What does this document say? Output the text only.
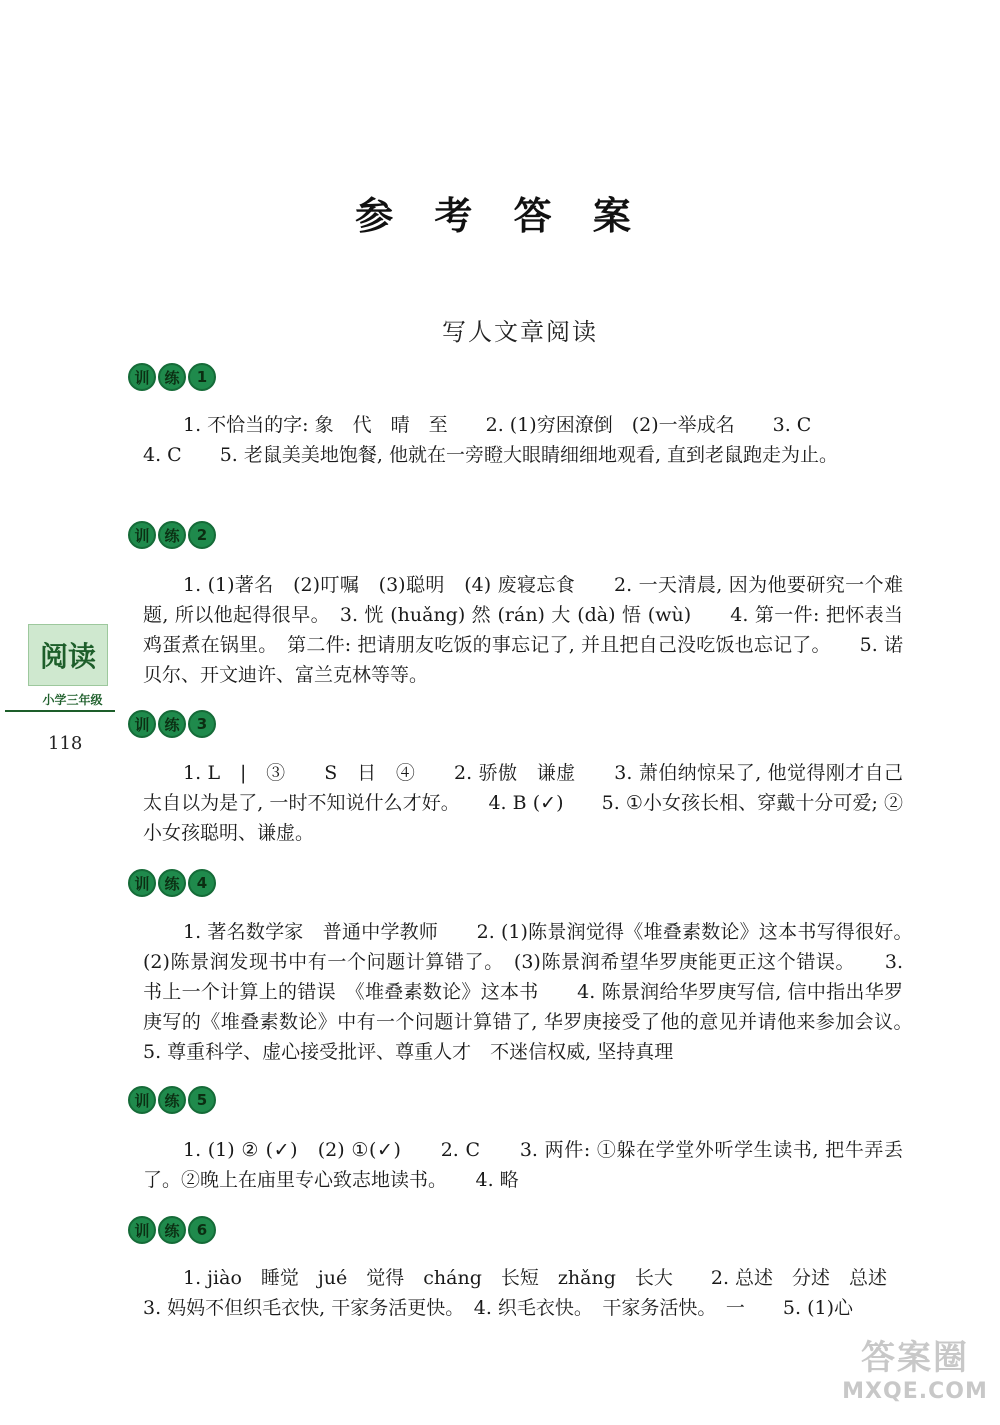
参 考 答 案
写人文章阅读
训 练	1

1. 不恰当的字: 象　代　晴　至　　2. (1)穷困潦倒　(2)一举成名　　3. C

4. C　　5. 老鼠美美地饱餐, 他就在一旁瞪大眼睛细细地观看, 直到老鼠跑走为止。

训 练	2

1. (1)著名　(2)叮嘱　(3)聪明　(4) 废寝忘食　　2. 一天清晨, 因为他要研究一个难题, 所以他起得很早。　3. 恍 (huǎng) 然 (rán) 大 (dà) 悟 (wù)　　4. 第一件: 把怀表当鸡蛋煮在锅里。　第二件: 把请朋友吃饭的事忘记了, 并且把自己没吃饭也忘记了。　　5. 诺贝尔、开文迪许、富兰克林等等。

训 练	3

1. L　|　③　　S　日　④　　2. 骄傲　谦虚　　3. 萧伯纳惊呆了, 他觉得刚才自己太自以为是了, 一时不知说什么才好。　　4. B (✓)　　5. ①小女孩长相、穿戴十分可爱; ②小女孩聪明、谦虚。

训 练	4

1. 著名数学家　普通中学教师　　2. (1)陈景润觉得《堆叠素数论》这本书写得很好。　(2)陈景润发现书中有一个问题计算错了。　(3)陈景润希望华罗庚能更正这个错误。　　3. 书上一个计算上的错误　《堆叠素数论》这本书　　4. 陈景润给华罗庚写信, 信中指出华罗庚写的《堆叠素数论》中有一个问题计算错了, 华罗庚接受了他的意见并请他来参加会议。　　5. 尊重科学、虚心接受批评、尊重人才　不迷信权威, 坚持真理

训 练	5

1. (1) ② (✓)　(2) ①(✓)　　2. C　　3. 两件: ①躲在学堂外听学生读书, 把牛弄丢了。②晚上在庙里专心致志地读书。　　4. 略

训 练	6

1. jiào　睡觉　jué　觉得　cháng　长短　zhǎng　长大　　2. 总述　分述　总述

3. 妈妈不但织毛衣快, 干家务活更快。　4. 织毛衣快。　干家务活快。　一　　5. (1)心

阅读
小学三年级
118
答案圈
MXQE.COM
